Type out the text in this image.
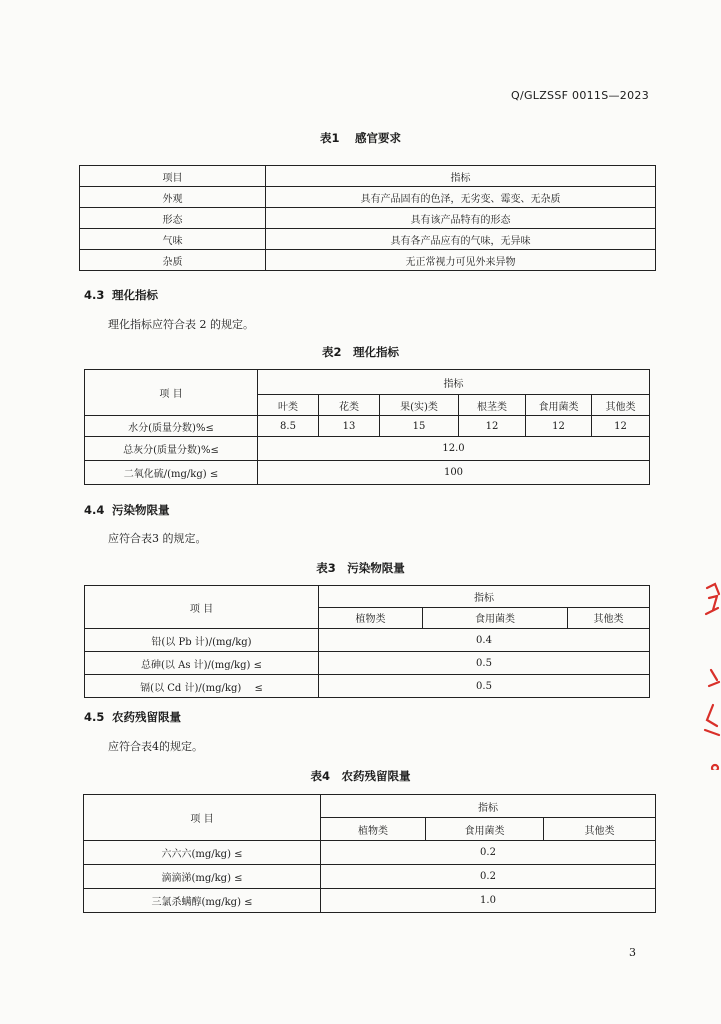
Q/GLZSSF 0011S—2023
表1　 感官要求
项目	指标
外观	具有产品固有的色泽，无劣变、霉变、无杂质
形态	具有该产品特有的形态
气味	具有各产品应有的气味，无异味
杂质	无正常视力可见外来异物
4.3 理化指标
理化指标应符合表 2 的规定。
表2　理化指标
项 目	指标					
	叶类	花类	果(实)类	根茎类	食用菌类	其他类
水分(质量分数)%≤	8.5	13	15	12	12	12
总灰分(质量分数)%≤	12.0					
二氧化硫/(mg/kg) ≤	100					
4.4 污染物限量
应符合表3 的规定。
表3　污染物限量
项 目	指标		
	植物类	食用菌类	其他类
铅(以 Pb 计)/(mg/kg)	0.4		
总砷(以 As 计)/(mg/kg) ≤	0.5		
镉(以 Cd 计)/(mg/kg)　 ≤	0.5		
4.5 农药残留限量
应符合表4的规定。
表4　农药残留限量
项 目	指标		
	植物类	食用菌类	其他类
六六六(mg/kg) ≤	0.2		
滴滴涕(mg/kg) ≤	0.2		
三氯杀螨醇(mg/kg) ≤	1.0		
3
